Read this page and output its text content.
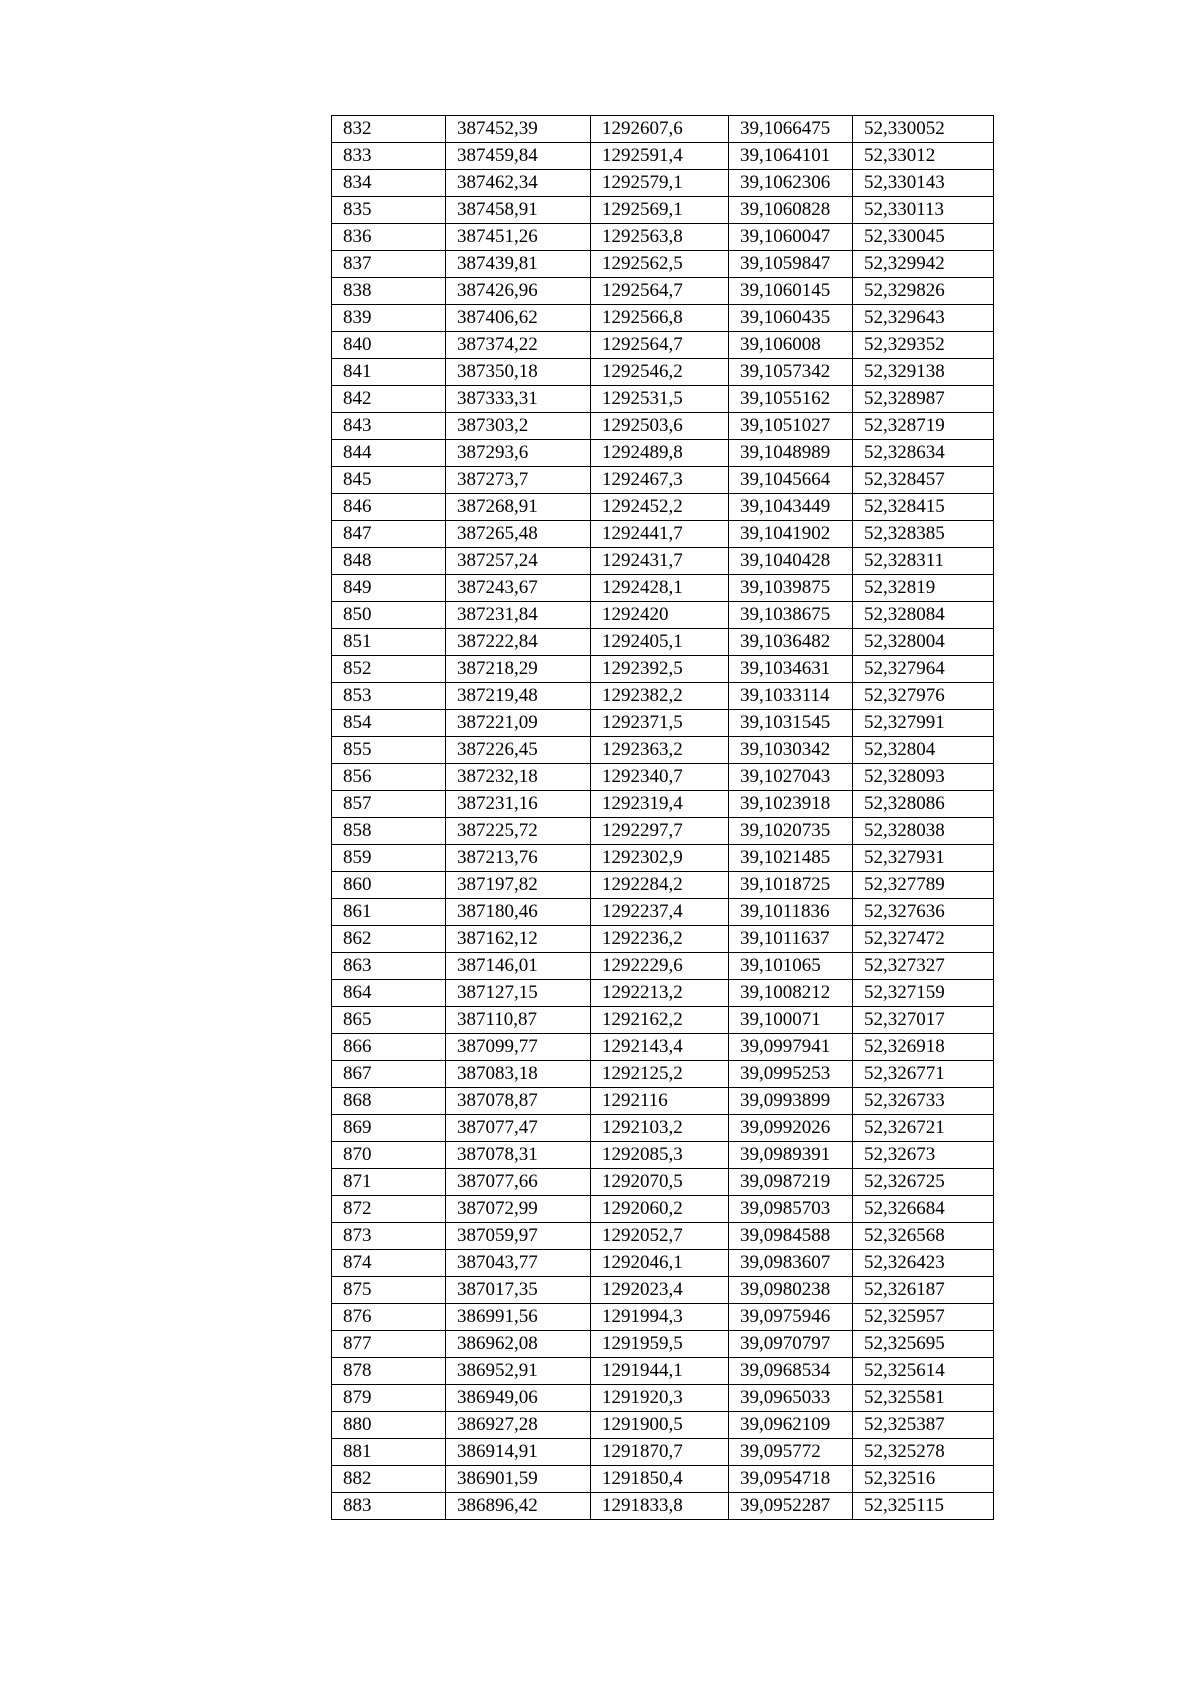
832	387452,39	1292607,6	39,1066475	52,330052
833	387459,84	1292591,4	39,1064101	52,33012
834	387462,34	1292579,1	39,1062306	52,330143
835	387458,91	1292569,1	39,1060828	52,330113
836	387451,26	1292563,8	39,1060047	52,330045
837	387439,81	1292562,5	39,1059847	52,329942
838	387426,96	1292564,7	39,1060145	52,329826
839	387406,62	1292566,8	39,1060435	52,329643
840	387374,22	1292564,7	39,106008	52,329352
841	387350,18	1292546,2	39,1057342	52,329138
842	387333,31	1292531,5	39,1055162	52,328987
843	387303,2	1292503,6	39,1051027	52,328719
844	387293,6	1292489,8	39,1048989	52,328634
845	387273,7	1292467,3	39,1045664	52,328457
846	387268,91	1292452,2	39,1043449	52,328415
847	387265,48	1292441,7	39,1041902	52,328385
848	387257,24	1292431,7	39,1040428	52,328311
849	387243,67	1292428,1	39,1039875	52,32819
850	387231,84	1292420	39,1038675	52,328084
851	387222,84	1292405,1	39,1036482	52,328004
852	387218,29	1292392,5	39,1034631	52,327964
853	387219,48	1292382,2	39,1033114	52,327976
854	387221,09	1292371,5	39,1031545	52,327991
855	387226,45	1292363,2	39,1030342	52,32804
856	387232,18	1292340,7	39,1027043	52,328093
857	387231,16	1292319,4	39,1023918	52,328086
858	387225,72	1292297,7	39,1020735	52,328038
859	387213,76	1292302,9	39,1021485	52,327931
860	387197,82	1292284,2	39,1018725	52,327789
861	387180,46	1292237,4	39,1011836	52,327636
862	387162,12	1292236,2	39,1011637	52,327472
863	387146,01	1292229,6	39,101065	52,327327
864	387127,15	1292213,2	39,1008212	52,327159
865	387110,87	1292162,2	39,100071	52,327017
866	387099,77	1292143,4	39,0997941	52,326918
867	387083,18	1292125,2	39,0995253	52,326771
868	387078,87	1292116	39,0993899	52,326733
869	387077,47	1292103,2	39,0992026	52,326721
870	387078,31	1292085,3	39,0989391	52,32673
871	387077,66	1292070,5	39,0987219	52,326725
872	387072,99	1292060,2	39,0985703	52,326684
873	387059,97	1292052,7	39,0984588	52,326568
874	387043,77	1292046,1	39,0983607	52,326423
875	387017,35	1292023,4	39,0980238	52,326187
876	386991,56	1291994,3	39,0975946	52,325957
877	386962,08	1291959,5	39,0970797	52,325695
878	386952,91	1291944,1	39,0968534	52,325614
879	386949,06	1291920,3	39,0965033	52,325581
880	386927,28	1291900,5	39,0962109	52,325387
881	386914,91	1291870,7	39,095772	52,325278
882	386901,59	1291850,4	39,0954718	52,32516
883	386896,42	1291833,8	39,0952287	52,325115
